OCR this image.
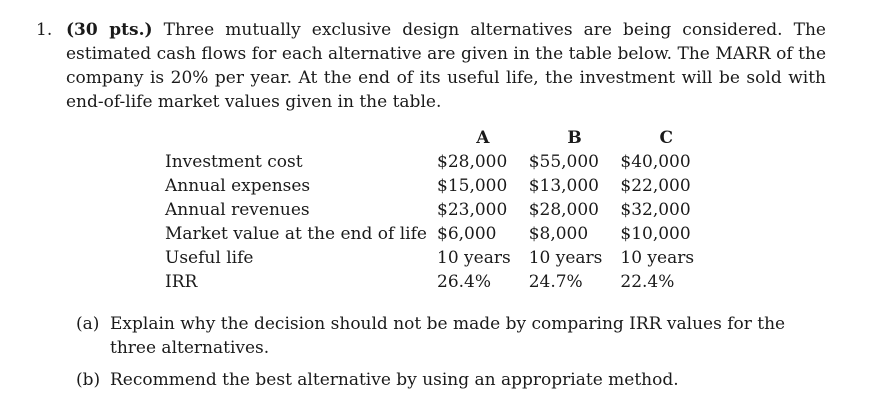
1. (30 pts.) Three mutually exclusive design alternatives are being considered. The estimated cash flows for each alternative are given in the table below. The MARR of the company is 20% per year. At the end of its useful life, the investment will be sold with end-of-life market values given in the table.
	A	B	C
Investment cost	$28,000	$55,000	$40,000
Annual expenses	$15,000	$13,000	$22,000
Annual revenues	$23,000	$28,000	$32,000
Market value at the end of life	$6,000	$8,000	$10,000
Useful life	10 years	10 years	10 years
IRR	26.4%	24.7%	22.4%
(a) Explain why the decision should not be made by comparing IRR values for the three alternatives.
(b) Recommend the best alternative by using an appropriate method.
